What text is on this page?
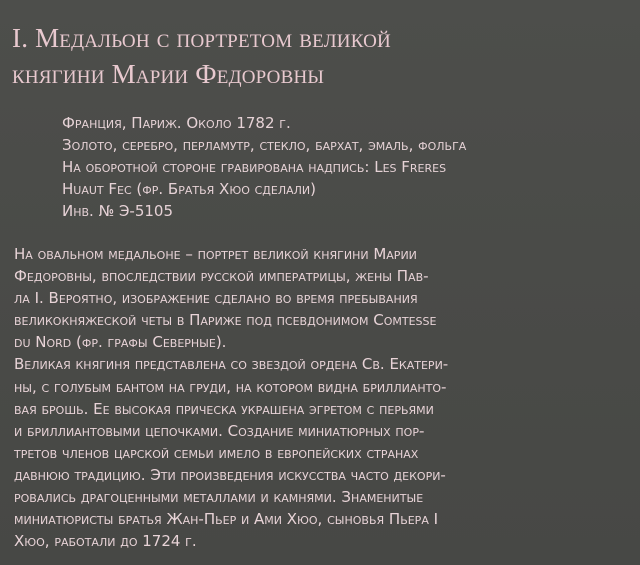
I. Медальон с портретом великой
княгини Марии Федоровны
Франция, Париж. Около 1782 г.
Золото, серебро, перламутр, стекло, бархат, эмаль, фольга
На оборотной стороне гравирована надпись: Les Freres
Huaut Fec (фр. Братья Хюо сделали)
Инв. № Э-5105
На овальном медальоне – портрет великой княгини Марии
Федоровны, впоследствии русской императрицы, жены Пав-
ла I. Вероятно, изображение сделано во время пребывания
великокняжеской четы в Париже под псевдонимом Comtesse
du Nord (фр. графы Северные).
Великая княгиня представлена со звездой ордена Св. Екатери-
ны, с голубым бантом на груди, на котором видна бриллианто-
вая брошь. Ее высокая прическа украшена эгретом с перьями
и бриллиантовыми цепочками. Создание миниатюрных пор-
третов членов царской семьи имело в европейских странах
давнюю традицию. Эти произведения искусства часто декори-
ровались драгоценными металлами и камнями. Знаменитые
миниатюристы братья Жан-Пьер и Ами Хюо, сыновья Пьера I
Хюо, работали до 1724 г.
